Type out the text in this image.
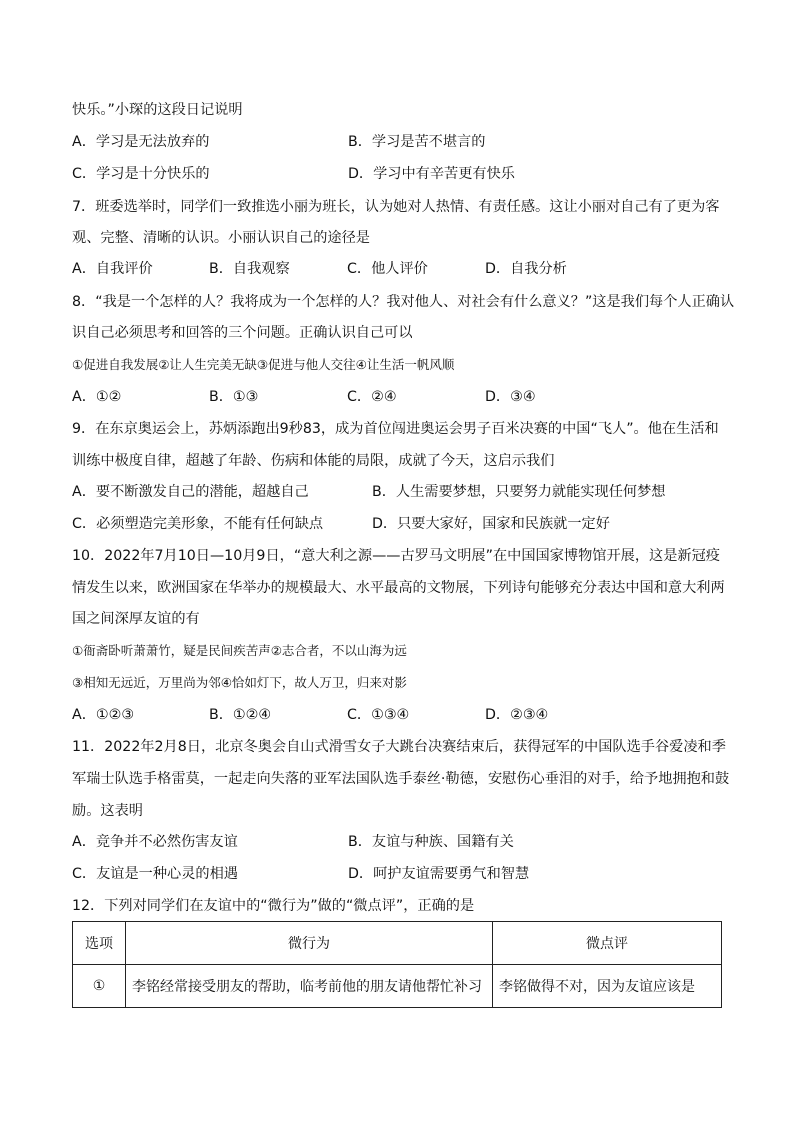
快乐。”小琛的这段日记说明
A．学习是无法放弃的	B．学习是苦不堪言的
C．学习是十分快乐的	D．学习中有辛苦更有快乐
7．班委选举时，同学们一致推选小丽为班长，认为她对人热情、有责任感。这让小丽对自己有了更为客
观、完整、清晰的认识。小丽认识自己的途径是
A．自我评价	B．自我观察	C．他人评价	D．自我分析
8．“我是一个怎样的人？我将成为一个怎样的人？我对他人、对社会有什么意义？”这是我们每个人正确认
识自己必须思考和回答的三个问题。正确认识自己可以
①促进自我发展②让人生完美无缺③促进与他人交往④让生活一帆风顺
A．①②	B．①③	C．②④	D．③④
9．在东京奥运会上，苏炳添跑出9秒83，成为首位闯进奥运会男子百米决赛的中国“飞人”。他在生活和
训练中极度自律，超越了年龄、伤病和体能的局限，成就了今天，这启示我们
A．要不断激发自己的潜能，超越自己	B．人生需要梦想，只要努力就能实现任何梦想
C．必须塑造完美形象，不能有任何缺点	D．只要大家好，国家和民族就一定好
10．2022年7月10日—10月9日，“意大利之源——古罗马文明展”在中国国家博物馆开展，这是新冠疫
情发生以来，欧洲国家在华举办的规模最大、水平最高的文物展，下列诗句能够充分表达中国和意大利两
国之间深厚友谊的有
①衙斋卧听萧萧竹，疑是民间疾苦声②志合者，不以山海为远
③相知无远近，万里尚为邻④恰如灯下，故人万卫，归来对影
A．①②③	B．①②④	C．①③④	D．②③④
11．2022年2月8日，北京冬奥会自山式滑雪女子大跳台决赛结束后，获得冠军的中国队选手谷爱凌和季
军瑞士队选手格雷莫，一起走向失落的亚军法国队选手泰丝·勒德，安慰伤心垂泪的对手，给予地拥抱和鼓
励。这表明
A．竞争并不必然伤害友谊	B．友谊与种族、国籍有关
C．友谊是一种心灵的相遇	D．呵护友谊需要勇气和智慧
12．下列对同学们在友谊中的“微行为”做的“微点评”，正确的是
选项	微行为	微点评
①	李铭经常接受朋友的帮助，临考前他的朋友请他帮忙补习	李铭做得不对，因为友谊应该是
